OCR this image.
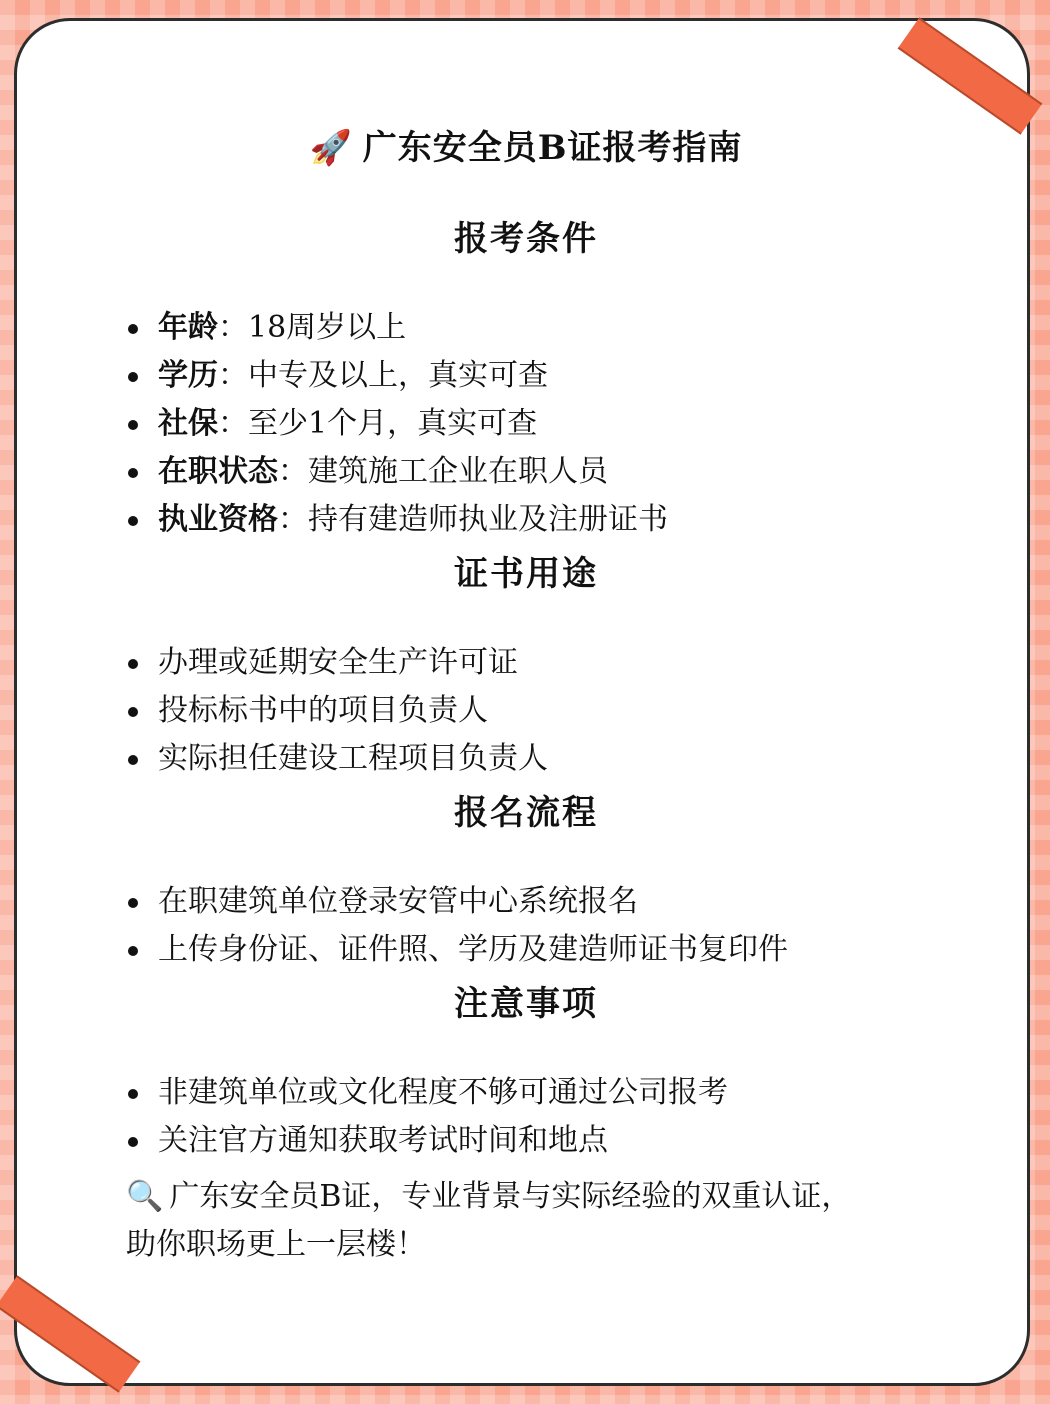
🚀 广东安全员B证报考指南
报考条件
年龄：18周岁以上
学历：中专及以上，真实可查
社保：至少1个月，真实可查
在职状态：建筑施工企业在职人员
执业资格：持有建造师执业及注册证书
证书用途
办理或延期安全生产许可证
投标标书中的项目负责人
实际担任建设工程项目负责人
报名流程
在职建筑单位登录安管中心系统报名
上传身份证、证件照、学历及建造师证书复印件
注意事项
非建筑单位或文化程度不够可通过公司报考
关注官方通知获取考试时间和地点
🔍 广东安全员B证，专业背景与实际经验的双重认证，
助你职场更上一层楼！
